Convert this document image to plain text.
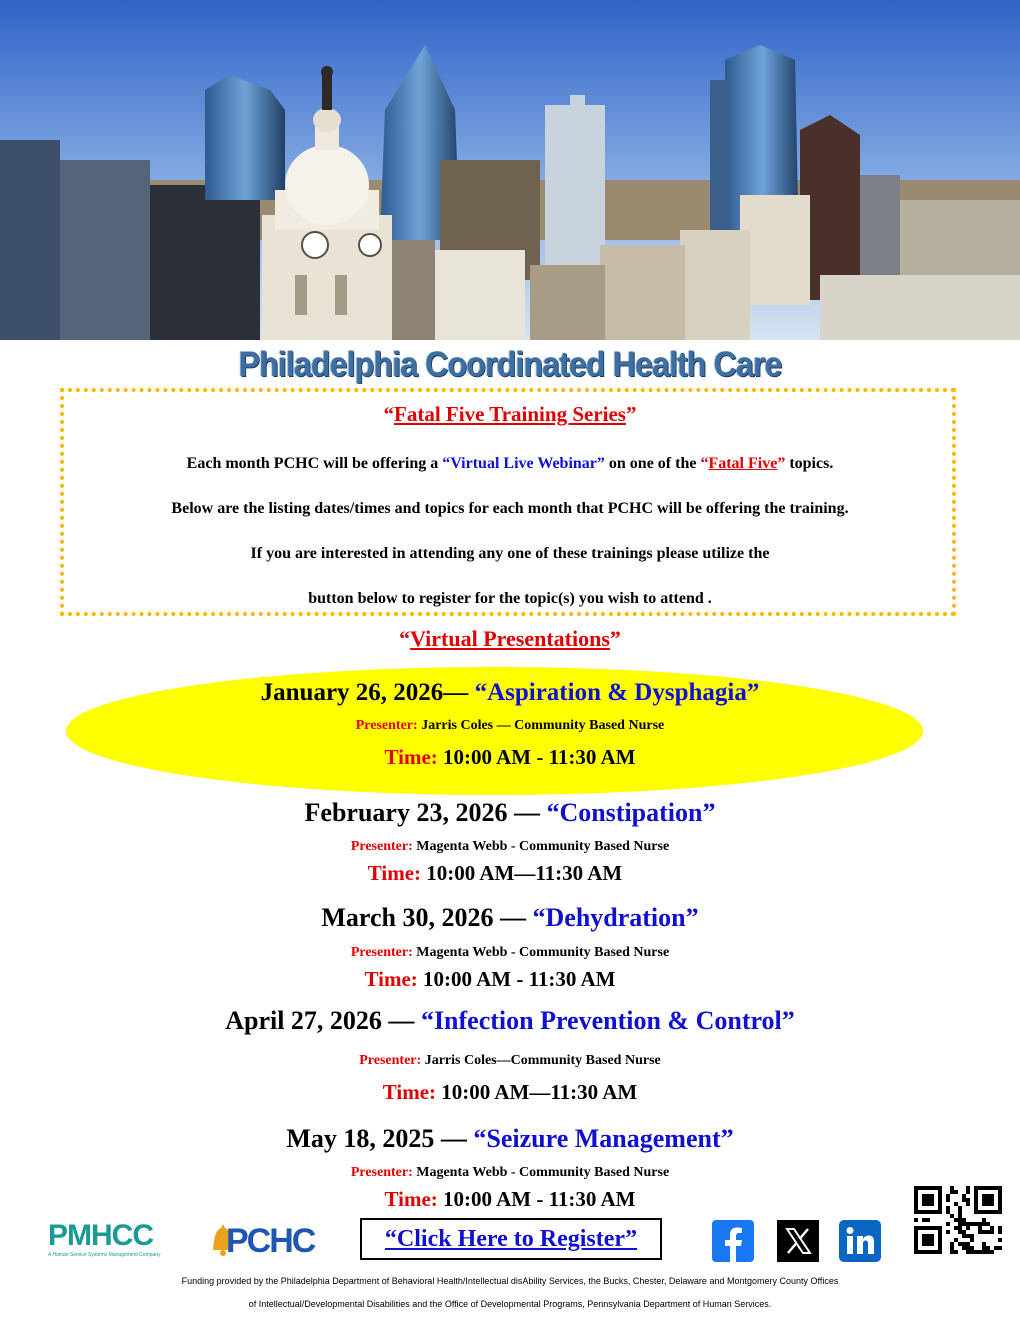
Philadelphia Coordinated Health Care
“Fatal Five Training Series”
Each month PCHC will be offering a “Virtual Live Webinar” on one of the “Fatal Five” topics.
Below are the listing dates/times and topics for each month that PCHC will be offering the training.
If you are interested in attending any one of these trainings please utilize the
button below to register for the topic(s) you wish to attend .
“Virtual Presentations”
January 26, 2026— “Aspiration & Dysphagia”
Presenter: Jarris Coles — Community Based Nurse
Time: 10:00 AM - 11:30 AM
February 23, 2026 — “Constipation”
Presenter: Magenta Webb - Community Based Nurse
Time: 10:00 AM—11:30 AM
March 30, 2026 — “Dehydration”
Presenter: Magenta Webb - Community Based Nurse
Time: 10:00 AM - 11:30 AM
April 27, 2026 — “Infection Prevention & Control”
Presenter: Jarris Coles—Community Based Nurse
Time: 10:00 AM—11:30 AM
May 18, 2025 — “Seizure Management”
Presenter: Magenta Webb - Community Based Nurse
Time: 10:00 AM - 11:30 AM
PMHCC
A Human Service Systems Management Company PCHC	“Click Here to Register”
Funding provided by the Philadelphia Department of Behavioral Health/Intellectual disAbility Services, the Bucks, Chester, Delaware and Montgomery County Offices
of Intellectual/Developmental Disabilities and the Office of Developmental Programs, Pennsylvania Department of Human Services.
